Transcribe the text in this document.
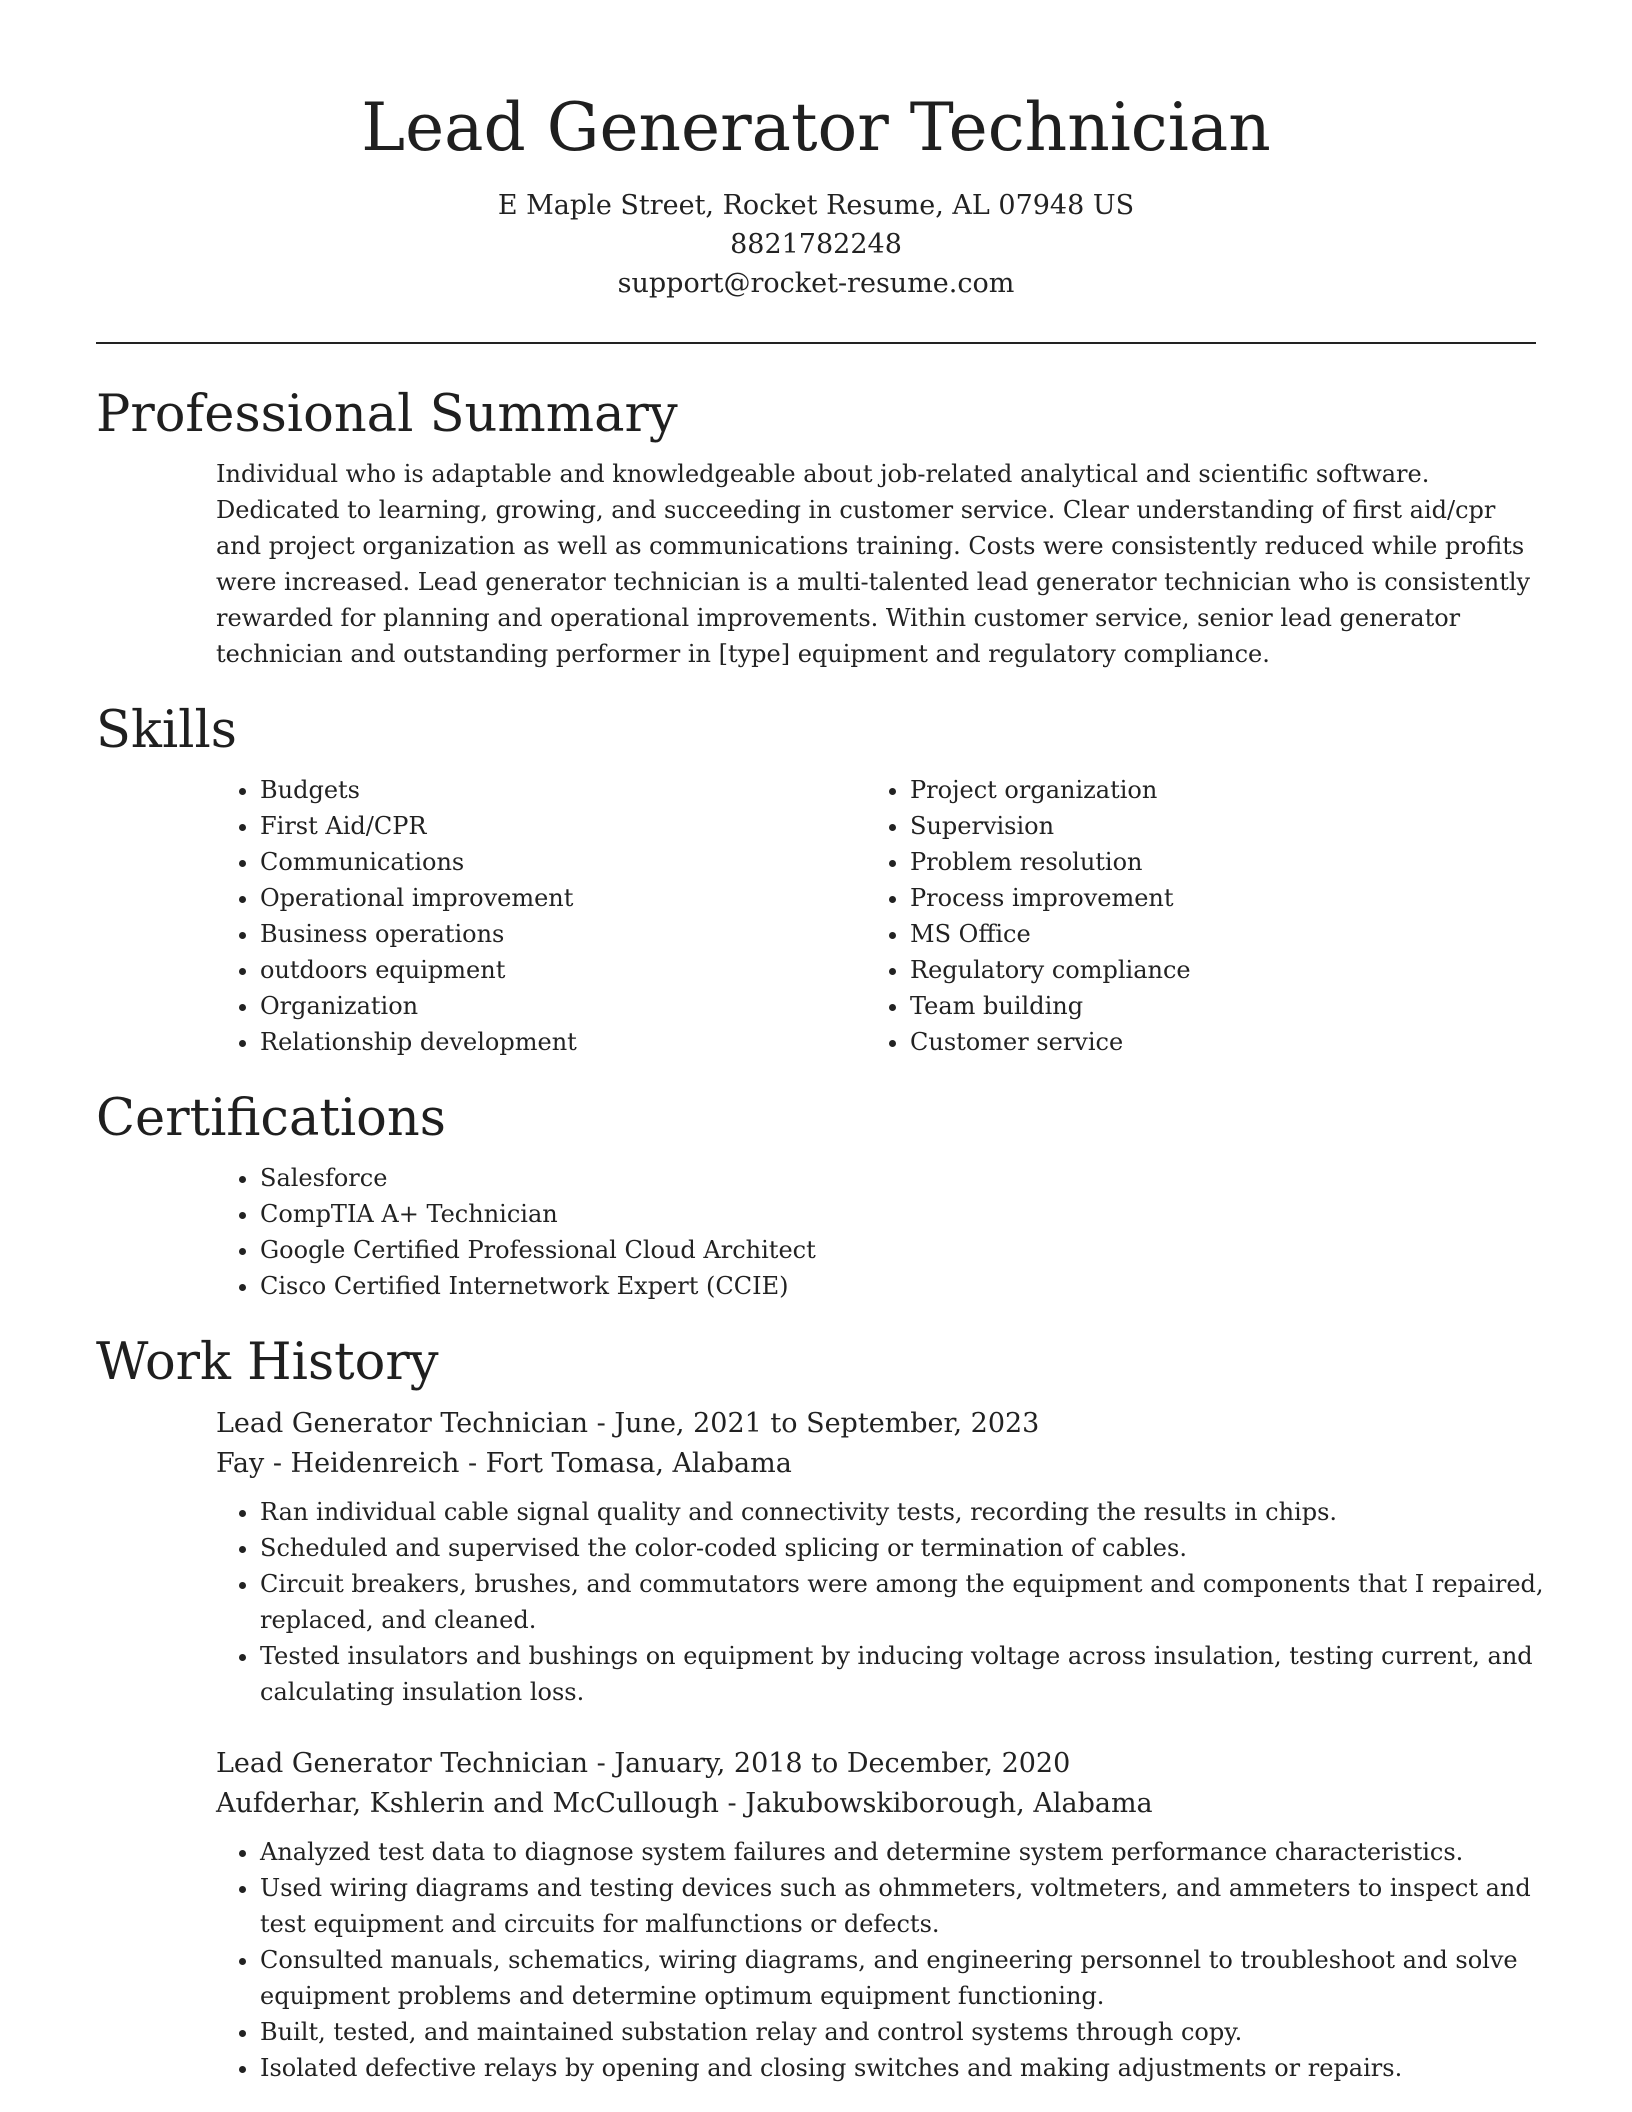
Lead Generator Technician
E Maple Street, Rocket Resume, AL 07948 US
8821782248
support@rocket-resume.com
Professional Summary

Individual who is adaptable and knowledgeable about job-related analytical and scientific software. Dedicated to learning, growing, and succeeding in customer service. Clear understanding of first aid/cpr and project organization as well as communications training. Costs were consistently reduced while profits were increased. Lead generator technician is a multi-talented lead generator technician who is consistently rewarded for planning and operational improvements. Within customer service, senior lead generator technician and outstanding performer in [type] equipment and regulatory compliance.

Skills
• Budgets
• First Aid/CPR
• Communications
• Operational improvement
• Business operations
• outdoors equipment
• Organization
• Relationship development
• Project organization
• Supervision
• Problem resolution
• Process improvement
• MS Office
• Regulatory compliance
• Team building
• Customer service
Certifications
• Salesforce
• CompTIA A+ Technician
• Google Certified Professional Cloud Architect
• Cisco Certified Internetwork Expert (CCIE)
Work History
Lead Generator Technician - June, 2021 to September, 2023
Fay - Heidenreich - Fort Tomasa, Alabama
• Ran individual cable signal quality and connectivity tests, recording the results in chips.
• Scheduled and supervised the color-coded splicing or termination of cables.
• Circuit breakers, brushes, and commutators were among the equipment and components that I repaired, replaced, and cleaned.
• Tested insulators and bushings on equipment by inducing voltage across insulation, testing current, and calculating insulation loss.
Lead Generator Technician - January, 2018 to December, 2020
Aufderhar, Kshlerin and McCullough - Jakubowskiborough, Alabama
• Analyzed test data to diagnose system failures and determine system performance characteristics.
• Used wiring diagrams and testing devices such as ohmmeters, voltmeters, and ammeters to inspect and test equipment and circuits for malfunctions or defects.
• Consulted manuals, schematics, wiring diagrams, and engineering personnel to troubleshoot and solve equipment problems and determine optimum equipment functioning.
• Built, tested, and maintained substation relay and control systems through copy.
• Isolated defective relays by opening and closing switches and making adjustments or repairs.
